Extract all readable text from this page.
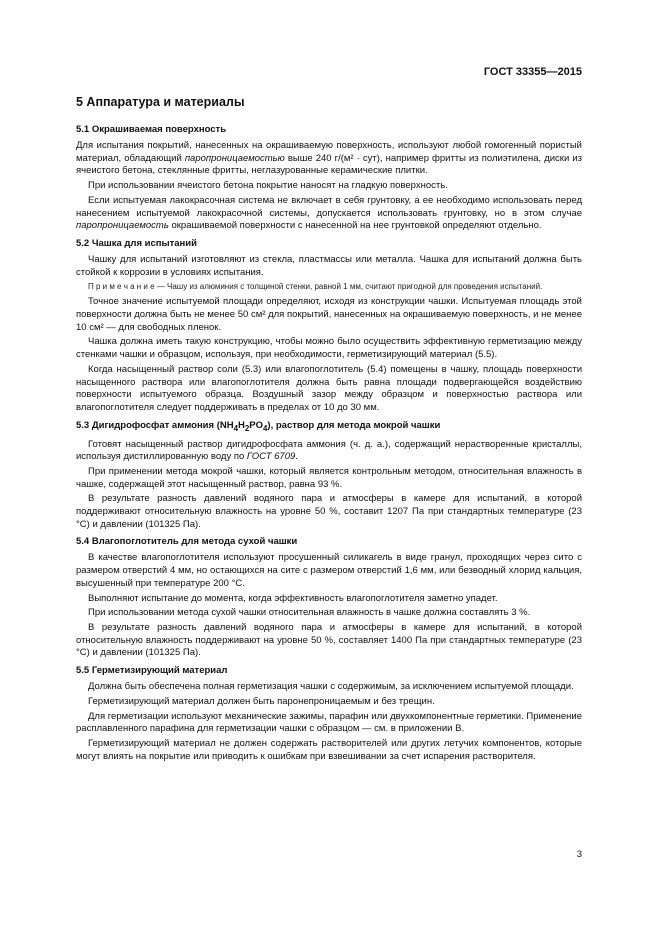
ГОСТ 33355—2015
5 Аппаратура и материалы
5.1 Окрашиваемая поверхность

Для испытания покрытий, нанесенных на окрашиваемую поверхность, используют любой гомогенный пористый материал, обладающий паропроницаемостью выше 240 г/(м² · сут), например фритты из полиэтилена, диски из ячеистого бетона, стеклянные фритты, неглазурованные керамические плитки.

При использовании ячеистого бетона покрытие наносят на гладкую поверхность.

Если испытуемая лакокрасочная система не включает в себя грунтовку, а ее необходимо использовать перед нанесением испытуемой лакокрасочной системы, допускается использовать грунтовку, но в этом случае паропроницаемость окрашиваемой поверхности с нанесенной на нее грунтовкой определяют отдельно.

5.2 Чашка для испытаний

Чашку для испытаний изготовляют из стекла, пластмассы или металла. Чашка для испытаний должна быть стойкой к коррозии в условиях испытания.

П р и м е ч а н и е — Чашу из алюминия с толщиной стенки, равной 1 мм, считают пригодной для проведения испытаний.

Точное значение испытуемой площади определяют, исходя из конструкции чашки. Испытуемая площадь этой поверхности должна быть не менее 50 см² для покрытий, нанесенных на окрашиваемую поверхность, и не менее 10 см² — для свободных пленок.

Чашка должна иметь такую конструкцию, чтобы можно было осуществить эффективную герметизацию между стенками чашки и образцом, используя, при необходимости, герметизирующий материал (5.5).

Когда насыщенный раствор соли (5.3) или влагопоглотитель (5.4) помещены в чашку, площадь поверхности насыщенного раствора или влагопоглотителя должна быть равна площади подвергающейся воздействию поверхности испытуемого образца. Воздушный зазор между образцом и поверхностью раствора или влагопоглотителя следует поддерживать в пределах от 10 до 30 мм.

5.3 Дигидрофосфат аммония $(NH_4H_2PO_4)$, раствор для метода мокрой чашки

Готовят насыщенный раствор дигидрофосфата аммония (ч. д. а.), содержащий нерастворенные кристаллы, используя дистиллированную воду по ГОСТ 6709.

При применении метода мокрой чашки, который является контрольным методом, относительная влажность в чашке, содержащей этот насыщенный раствор, равна 93 %.

В результате разность давлений водяного пара и атмосферы в камере для испытаний, в которой поддерживают относительную влажность на уровне 50 %, составит 1207 Па при стандартных температуре (23 °С) и давлении (101325 Па).

5.4 Влагопоглотитель для метода сухой чашки

В качестве влагопоглотителя используют просушенный силикагель в виде гранул, проходящих через сито с размером отверстий 4 мм, но остающихся на сите с размером отверстий 1,6 мм, или безводный хлорид кальция, высушенный при температуре 200 °С.

Выполняют испытание до момента, когда эффективность влагопоглотителя заметно упадет.

При использовании метода сухой чашки относительная влажность в чашке должна составлять 3 %.

В результате разность давлений водяного пара и атмосферы в камере для испытаний, в которой относительную влажность поддерживают на уровне 50 %, составляет 1400 Па при стандартных температуре (23 °С) и давлении (101325 Па).

5.5 Герметизирующий материал

Должна быть обеспечена полная герметизация чашки с содержимым, за исключением испытуемой площади.

Герметизирующий материал должен быть паронепроницаемым и без трещин.

Для герметизации используют механические зажимы, парафин или двухкомпонентные герметики. Применение расплавленного парафина для герметизации чашки с образцом — см. в приложении В.

Герметизирующий материал не должен содержать растворителей или других летучих компонентов, которые могут влиять на покрытие или приводить к ошибкам при взвешивании за счет испарения растворителя.

3
